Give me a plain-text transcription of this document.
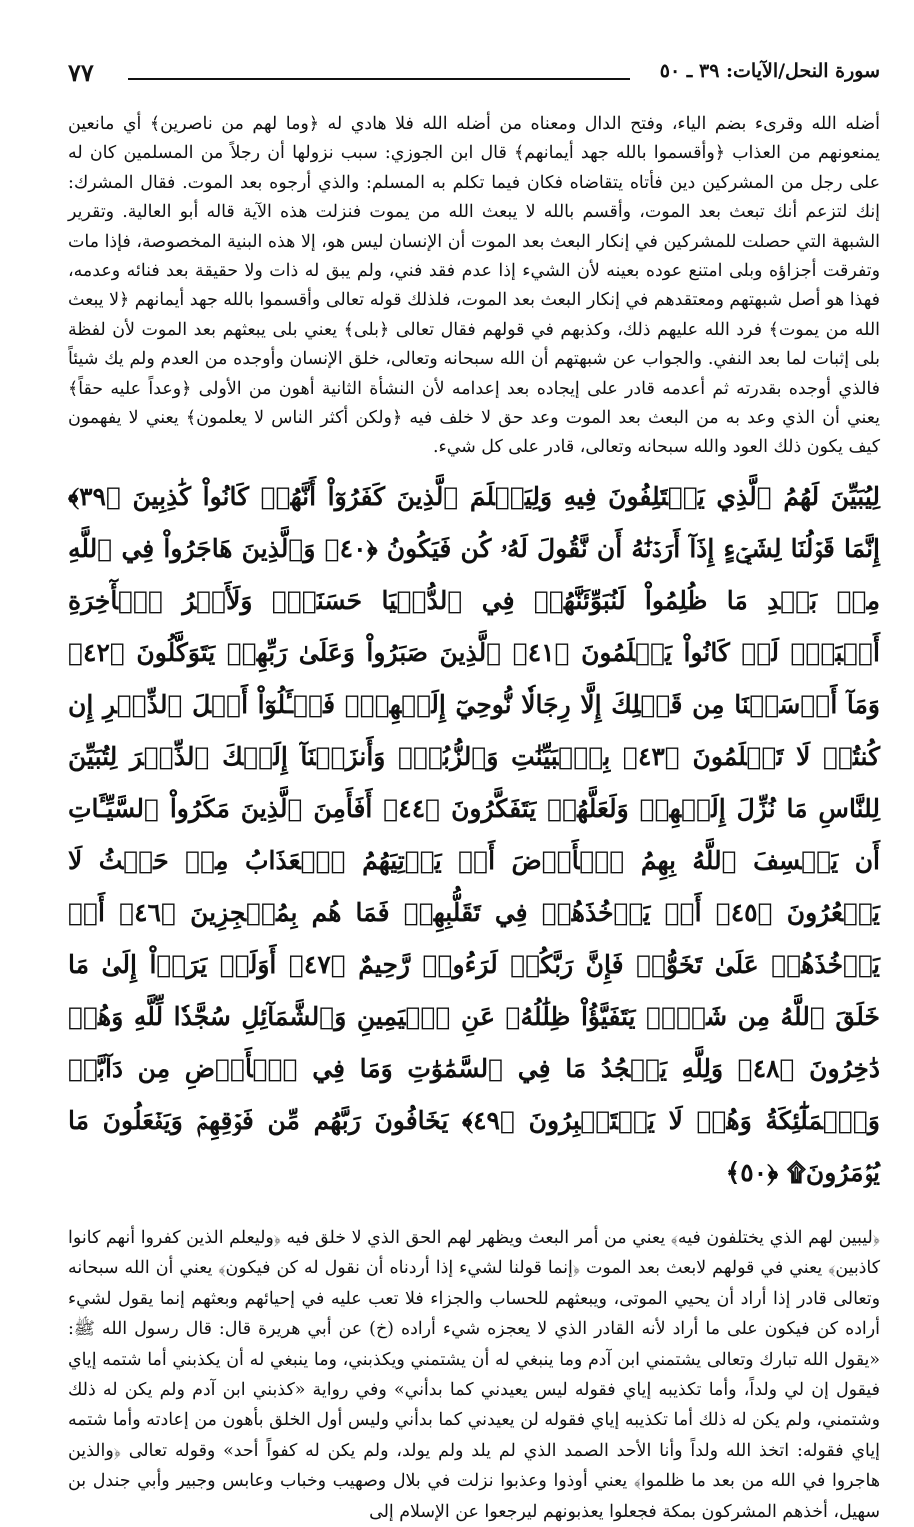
سورة النحل/الآيات: ٣٩ ـ ٥٠
٧٧

أضله الله وقرىء بضم الياء، وفتح الدال ومعناه من أضله الله فلا هادي له ﴿وما لهم من ناصرين﴾ أي مانعين يمنعونهم من العذاب ﴿وأقسموا بالله جهد أيمانهم﴾ قال ابن الجوزي: سبب نزولها أن رجلاً من المسلمين كان له على رجل من المشركين دين فأتاه يتقاضاه فكان فيما تكلم به المسلم: والذي أرجوه بعد الموت. فقال المشرك: إنك لتزعم أنك تبعث بعد الموت، وأقسم بالله لا يبعث الله من يموت فنزلت هذه الآية قاله أبو العالية. وتقرير الشبهة التي حصلت للمشركين في إنكار البعث بعد الموت أن الإنسان ليس هو، إلا هذه البنية المخصوصة، فإذا مات وتفرقت أجزاؤه وبلى امتنع عوده بعينه لأن الشيء إذا عدم فقد فني، ولم يبق له ذات ولا حقيقة بعد فنائه وعدمه، فهذا هو أصل شبهتهم ومعتقدهم في إنكار البعث بعد الموت، فلذلك قوله تعالى وأقسموا بالله جهد أيمانهم ﴿لا يبعث الله من يموت﴾ فرد الله عليهم ذلك، وكذبهم في قولهم فقال تعالى ﴿بلى﴾ يعني بلى يبعثهم بعد الموت لأن لفظة بلى إثبات لما بعد النفي. والجواب عن شبهتهم أن الله سبحانه وتعالى، خلق الإنسان وأوجده من العدم ولم يك شيئاً فالذي أوجده بقدرته ثم أعدمه قادر على إيجاده بعد إعدامه لأن النشأة الثانية أهون من الأولى ﴿وعداً عليه حقاً﴾ يعني أن الذي وعد به من البعث بعد الموت وعد حق لا خلف فيه ﴿ولكن أكثر الناس لا يعلمون﴾ يعني لا يفهمون كيف يكون ذلك العود والله سبحانه وتعالى، قادر على كل شيء.

لِيُبَيِّنَ لَهُمُ ٱلَّذِي يَخۡتَلِفُونَ فِيهِ وَلِيَعۡلَمَ ٱلَّذِينَ كَفَرُوٓاْ أَنَّهُمۡ كَانُواْ كَٰذِبِينَ ﴿٣٩﴾ إِنَّمَا قَوۡلُنَا لِشَيۡءٍ إِذَآ أَرَدۡنَٰهُ أَن نَّقُولَ لَهُۥ كُن فَيَكُونُ ﴿٤٠﴾ وَٱلَّذِينَ هَاجَرُواْ فِي ٱللَّهِ مِنۢ بَعۡدِ مَا ظُلِمُواْ لَنُبَوِّئَنَّهُمۡ فِي ٱلدُّنۡيَا حَسَنَةٗۖ وَلَأَجۡرُ ٱلۡأٓخِرَةِ أَكۡبَرُۚ لَوۡ كَانُواْ يَعۡلَمُونَ ﴿٤١﴾ ٱلَّذِينَ صَبَرُواْ وَعَلَىٰ رَبِّهِمۡ يَتَوَكَّلُونَ ﴿٤٢﴾ وَمَآ أَرۡسَلۡنَا مِن قَبۡلِكَ إِلَّا رِجَالٗا نُّوحِيٓ إِلَيۡهِمۡۖ فَسۡـَٔلُوٓاْ أَهۡلَ ٱلذِّكۡرِ إِن كُنتُمۡ لَا تَعۡلَمُونَ ﴿٤٣﴾ بِٱلۡبَيِّنَٰتِ وَٱلزُّبُرِۗ وَأَنزَلۡنَآ إِلَيۡكَ ٱلذِّكۡرَ لِتُبَيِّنَ لِلنَّاسِ مَا نُزِّلَ إِلَيۡهِمۡ وَلَعَلَّهُمۡ يَتَفَكَّرُونَ ﴿٤٤﴾ أَفَأَمِنَ ٱلَّذِينَ مَكَرُواْ ٱلسَّيِّـَٔاتِ أَن يَخۡسِفَ ٱللَّهُ بِهِمُ ٱلۡأَرۡضَ أَوۡ يَأۡتِيَهُمُ ٱلۡعَذَابُ مِنۡ حَيۡثُ لَا يَشۡعُرُونَ ﴿٤٥﴾ أَوۡ يَأۡخُذَهُمۡ فِي تَقَلُّبِهِمۡ فَمَا هُم بِمُعۡجِزِينَ ﴿٤٦﴾ أَوۡ يَأۡخُذَهُمۡ عَلَىٰ تَخَوُّفٖ فَإِنَّ رَبَّكُمۡ لَرَءُوفٞ رَّحِيمٌ ﴿٤٧﴾ أَوَلَمۡ يَرَوۡاْ إِلَىٰ مَا خَلَقَ ٱللَّهُ مِن شَيۡءٖ يَتَفَيَّؤُاْ ظِلَٰلُهُۥ عَنِ ٱلۡيَمِينِ وَٱلشَّمَآئِلِ سُجَّدٗا لِّلَّهِ وَهُمۡ دَٰخِرُونَ ﴿٤٨﴾ وَلِلَّهِ يَسۡجُدُ مَا فِي ٱلسَّمَٰوَٰتِ وَمَا فِي ٱلۡأَرۡضِ مِن دَآبَّةٖ وَٱلۡمَلَٰٓئِكَةُ وَهُمۡ لَا يَسۡتَكۡبِرُونَ ﴿٤٩﴾ يَخَافُونَ رَبَّهُم مِّن فَوۡقِهِمۡ وَيَفۡعَلُونَ مَا يُؤۡمَرُونَ۩ ﴿٥٠﴾

﴿ليبين لهم الذي يختلفون فيه﴾ يعني من أمر البعث ويظهر لهم الحق الذي لا خلق فيه ﴿وليعلم الذين كفروا أنهم كانوا كاذبين﴾ يعني في قولهم لابعث بعد الموت ﴿إنما قولنا لشيء إذا أردناه أن نقول له كن فيكون﴾ يعني أن الله سبحانه وتعالى قادر إذا أراد أن يحيي الموتى، ويبعثهم للحساب والجزاء فلا تعب عليه في إحيائهم وبعثهم إنما يقول لشيء أراده كن فيكون على ما أراد لأنه القادر الذي لا يعجزه شيء أراده (خ) عن أبي هريرة قال: قال رسول الله ﷺ: «يقول الله تبارك وتعالى يشتمني ابن آدم وما ينبغي له أن يشتمني ويكذبني، وما ينبغي له أن يكذبني أما شتمه إياي فيقول إن لي ولداً، وأما تكذيبه إياي فقوله ليس يعيدني كما بدأني» وفي رواية «كذبني ابن آدم ولم يكن له ذلك وشتمني، ولم يكن له ذلك أما تكذيبه إياي فقوله لن يعيدني كما بدأني وليس أول الخلق بأهون من إعادته وأما شتمه إياي فقوله: اتخذ الله ولداً وأنا الأحد الصمد الذي لم يلد ولم يولد، ولم يكن له كفواً أحد» وقوله تعالى ﴿والذين هاجروا في الله من بعد ما ظلموا﴾ يعني أوذوا وعذبوا نزلت في بلال وصهيب وخباب وعابس وجبير وأبي جندل بن سهيل، أخذهم المشركون بمكة فجعلوا يعذبونهم ليرجعوا عن الإسلام إلى
